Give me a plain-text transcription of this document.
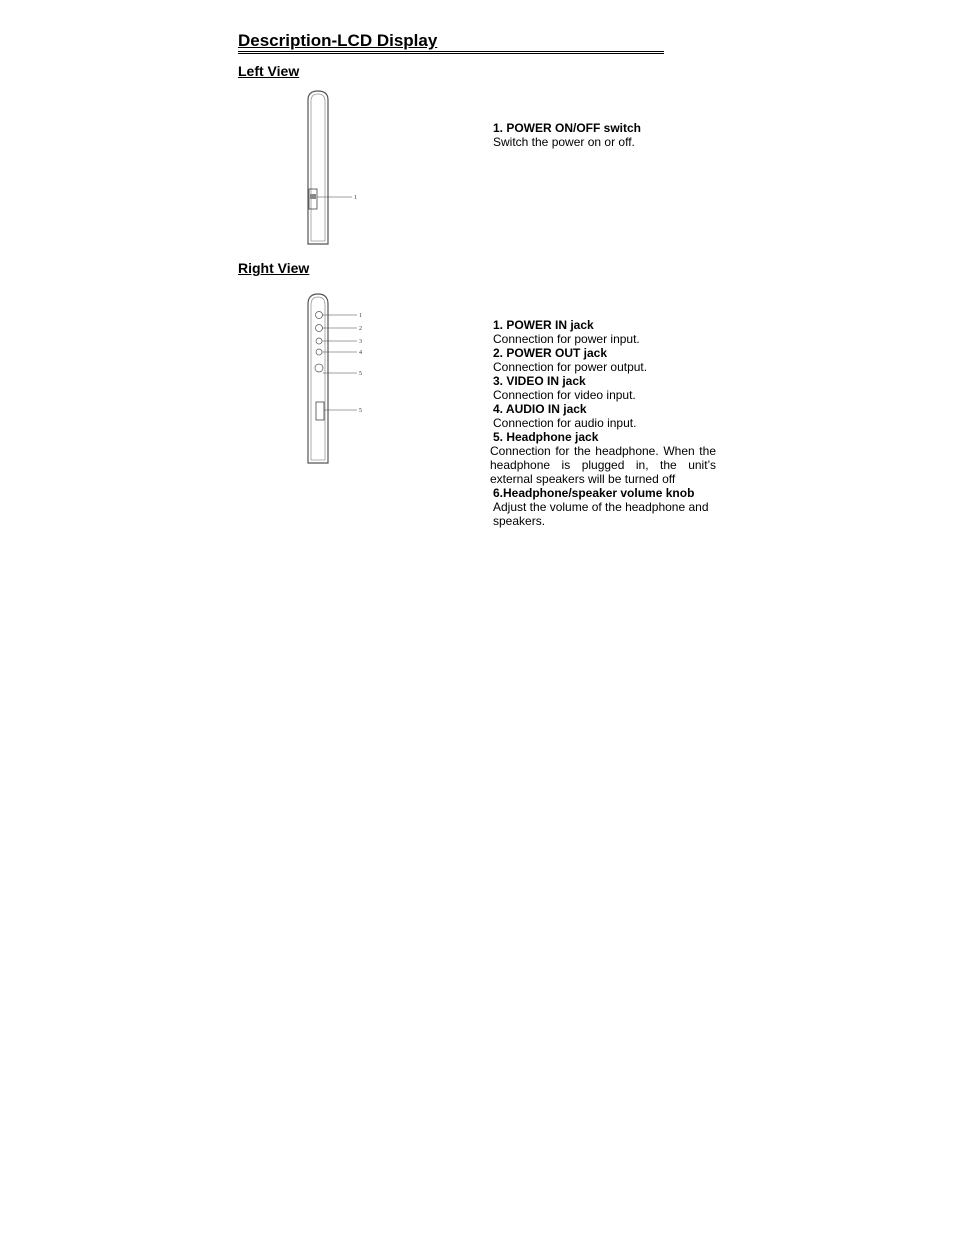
Description-LCD Display
Left View
1
1. POWER ON/OFF switch
Switch the power on or off.
Right View
1
2
3
4
5
5
1. POWER IN jack
Connection for power input.
2. POWER OUT jack
Connection for power output.
3. VIDEO IN jack
Connection for video input.
4. AUDIO IN jack
Connection for audio input.
5. Headphone jack
Connection for the headphone. When the headphone is plugged in, the unit’s external speakers will be turned off
6.Headphone/speaker volume knob
Adjust the volume of the headphone and speakers.
